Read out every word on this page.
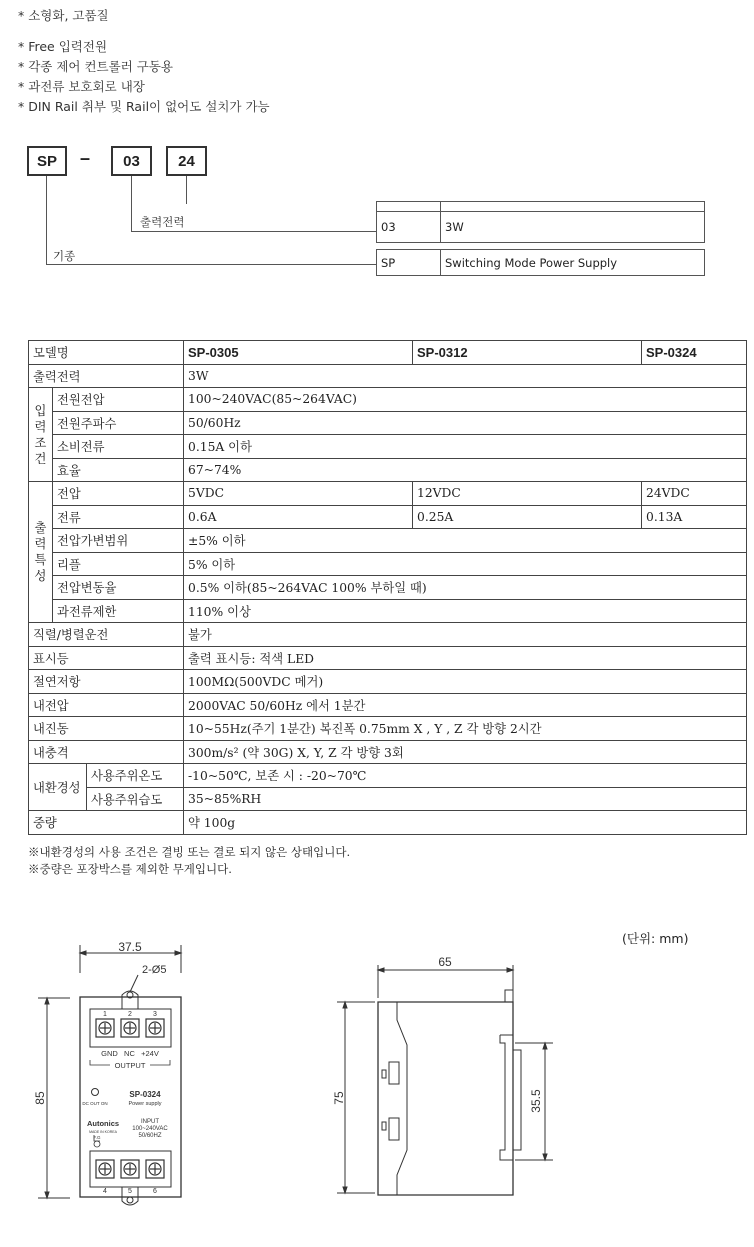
* 소형화, 고품질
* Free 입력전원
* 각종 제어 컨트롤러 구동용
* 과전류 보호회로 내장
* DIN Rail 취부 및 Rail이 없어도 설치가 가능
SP	–	03	24
출력전력
기종

03	3W
SP	Switching Mode Power Supply
모델명			SP-0305	SP-0312	SP-0324
출력전력			3W		
입력조건	전원전압		100~240VAC(85~264VAC)		
	전원주파수		50/60Hz		
	소비전류		0.15A 이하		
	효율		67~74%		
출력특성	전압		5VDC	12VDC	24VDC
	전류		0.6A	0.25A	0.13A
	전압가변범위		±5% 이하		
	리플		5% 이하		
	전압변동율		0.5% 이하(85~264VAC 100% 부하일 때)		
	과전류제한		110% 이상		
직렬/병렬운전			불가		
표시등			출력 표시등: 적색 LED		
절연저항			100MΩ(500VDC 메거)		
내전압			2000VAC 50/60Hz 에서 1분간		
내진동			10~55Hz(주기 1분간) 복진폭 0.75mm X , Y , Z 각 방향 2시간		
내충격			300m/s² (약 30G) X, Y, Z 각 방향 3회		
내환경성		사용주위온도	-10~50℃, 보존 시 : -20~70℃		
		사용주위습도	35~85%RH		
중량			약 100g		
※내환경성의 사용 조건은 결빙 또는 결로 되지 않은 상태입니다.
※중량은 포장박스를 제외한 무게입니다.
(단위: mm)
37.5
2-Ø5
85
1	2	3
GND   NC   +24V
OUTPUT
DC OUT ON
SP-0324
Power supply
Autonics
MADE IN KOREA
INPUT
100~240VAC
50/60HZ
F.G
4	5	6
65
75	35.5
